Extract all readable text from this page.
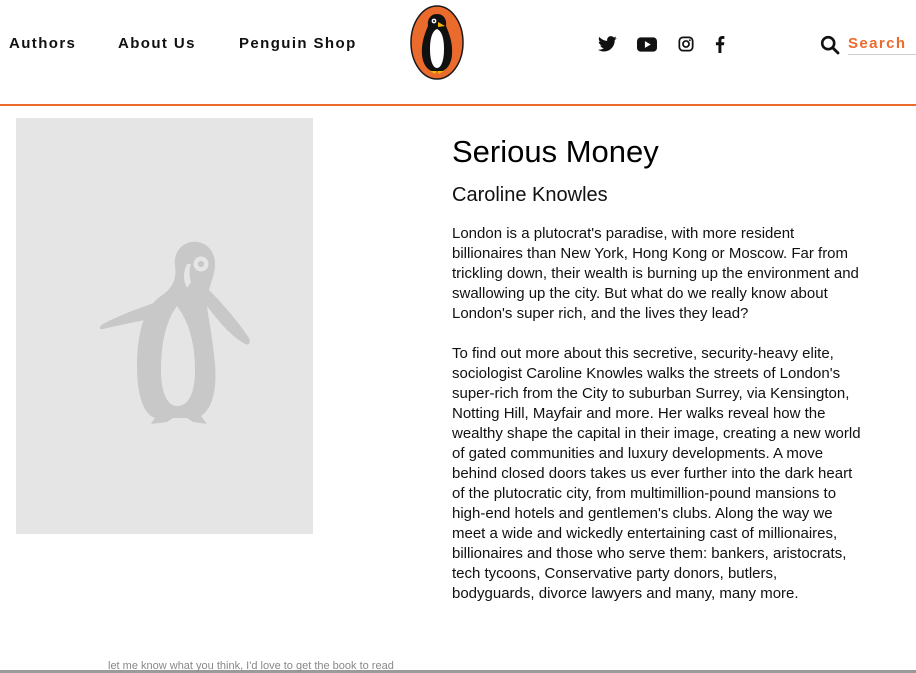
Authors	About Us	Penguin Shop
Search
Serious Money
Caroline Knowles

London is a plutocrat's paradise, with more resident billionaires than New York, Hong Kong or Moscow. Far from trickling down, their wealth is burning up the environment and swallowing up the city. But what do we really know about London's super rich, and the lives they lead?

To find out more about this secretive, security-heavy elite, sociologist Caroline Knowles walks the streets of London's super-rich from the City to suburban Surrey, via Kensington, Notting Hill, Mayfair and more. Her walks reveal how the wealthy shape the capital in their image, creating a new world of gated communities and luxury developments. A move behind closed doors takes us ever further into the dark heart of the plutocratic city, from multimillion-pound mansions to high-end hotels and gentlemen's clubs. Along the way we meet a wide and wickedly entertaining cast of millionaires, billionaires and those who serve them: bankers, aristocrats, tech tycoons, Conservative party donors, butlers, bodyguards, divorce lawyers and many, many more.

let me know what you think, I'd love to get the book to read
